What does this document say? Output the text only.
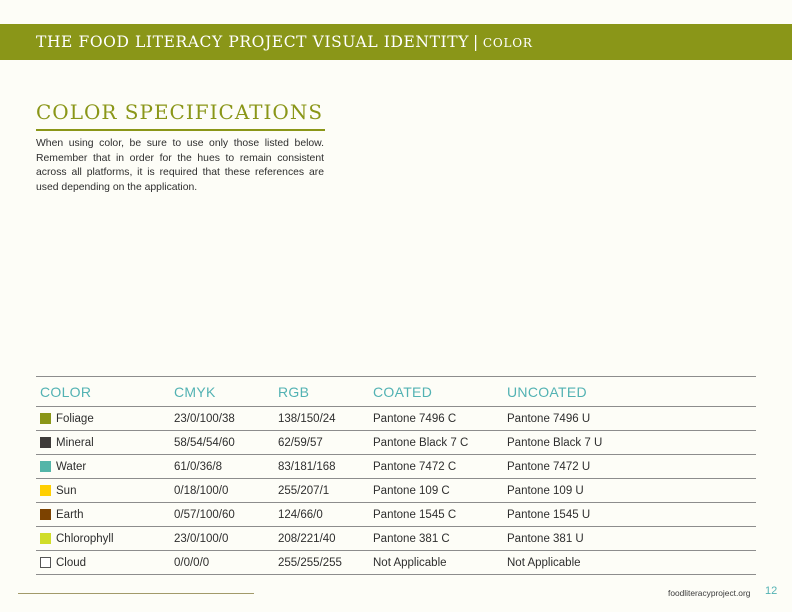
THE FOOD LITERACY PROJECT VISUAL IDENTITY | COLOR
COLOR SPECIFICATIONS
When using color, be sure to use only those listed below. Remember that in order for the hues to remain consistent across all platforms, it is required that these references are used depending on the application.
COLOR	CMYK	RGB	COATED	UNCOATED
Foliage	23/0/100/38	138/150/24	Pantone 7496 C	Pantone 7496 U
Mineral	58/54/54/60	62/59/57	Pantone Black 7 C	Pantone Black 7 U
Water	61/0/36/8	83/181/168	Pantone 7472 C	Pantone 7472 U
Sun	0/18/100/0	255/207/1	Pantone 109 C	Pantone 109 U
Earth	0/57/100/60	124/66/0	Pantone 1545 C	Pantone 1545 U
Chlorophyll	23/0/100/0	208/221/40	Pantone 381 C	Pantone 381 U
Cloud	0/0/0/0	255/255/255	Not Applicable	Not Applicable
foodliteracyproject.org 12
